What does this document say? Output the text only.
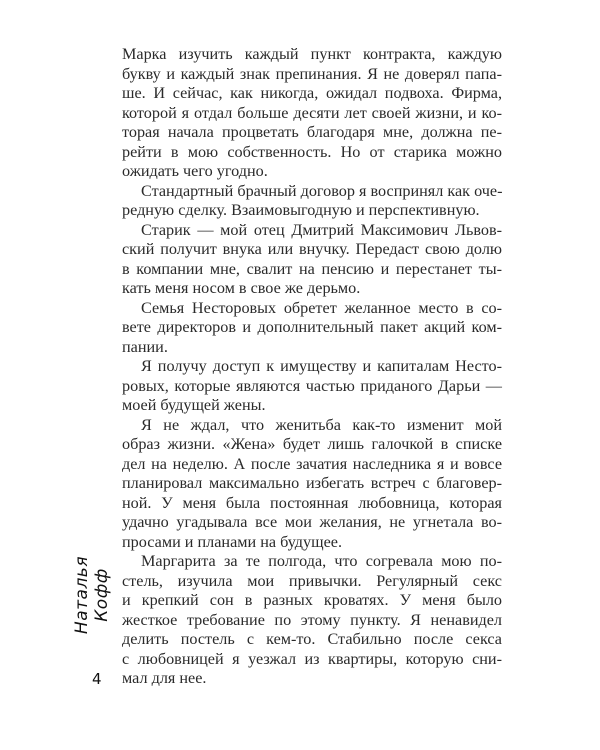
Марка изучить каждый пункт контракта, каждую
букву и каждый знак препинания. Я не доверял папа-
ше. И сейчас, как никогда, ожидал подвоха. Фирма,
которой я отдал больше десяти лет своей жизни, и ко-
торая начала процветать благодаря мне, должна пе-
рейти в мою собственность. Но от старика можно
ожидать чего угодно.
Стандартный брачный договор я воспринял как оче-
редную сделку. Взаимовыгодную и перспективную.
Старик — мой отец Дмитрий Максимович Львов-
ский получит внука или внучку. Передаст свою долю
в компании мне, свалит на пенсию и перестанет ты-
кать меня носом в свое же дерьмо.
Семья Несторовых обретет желанное место в со-
вете директоров и дополнительный пакет акций ком-
пании.
Я получу доступ к имуществу и капиталам Несто-
ровых, которые являются частью приданого Дарьи —
моей будущей жены.
Я не ждал, что женитьба как-то изменит мой
образ жизни. «Жена» будет лишь галочкой в списке
дел на неделю. А после зачатия наследника я и вовсе
планировал максимально избегать встреч с благовер-
ной. У меня была постоянная любовница, которая
удачно угадывала все мои желания, не угнетала во-
просами и планами на будущее.
Маргарита за те полгода, что согревала мою по-
стель, изучила мои привычки. Регулярный секс
и крепкий сон в разных кроватях. У меня было
жесткое требование по этому пункту. Я ненавидел
делить постель с кем-то. Стабильно после секса
с любовницей я уезжал из квартиры, которую сни-
мал для нее.
Наталья Кофф
4
